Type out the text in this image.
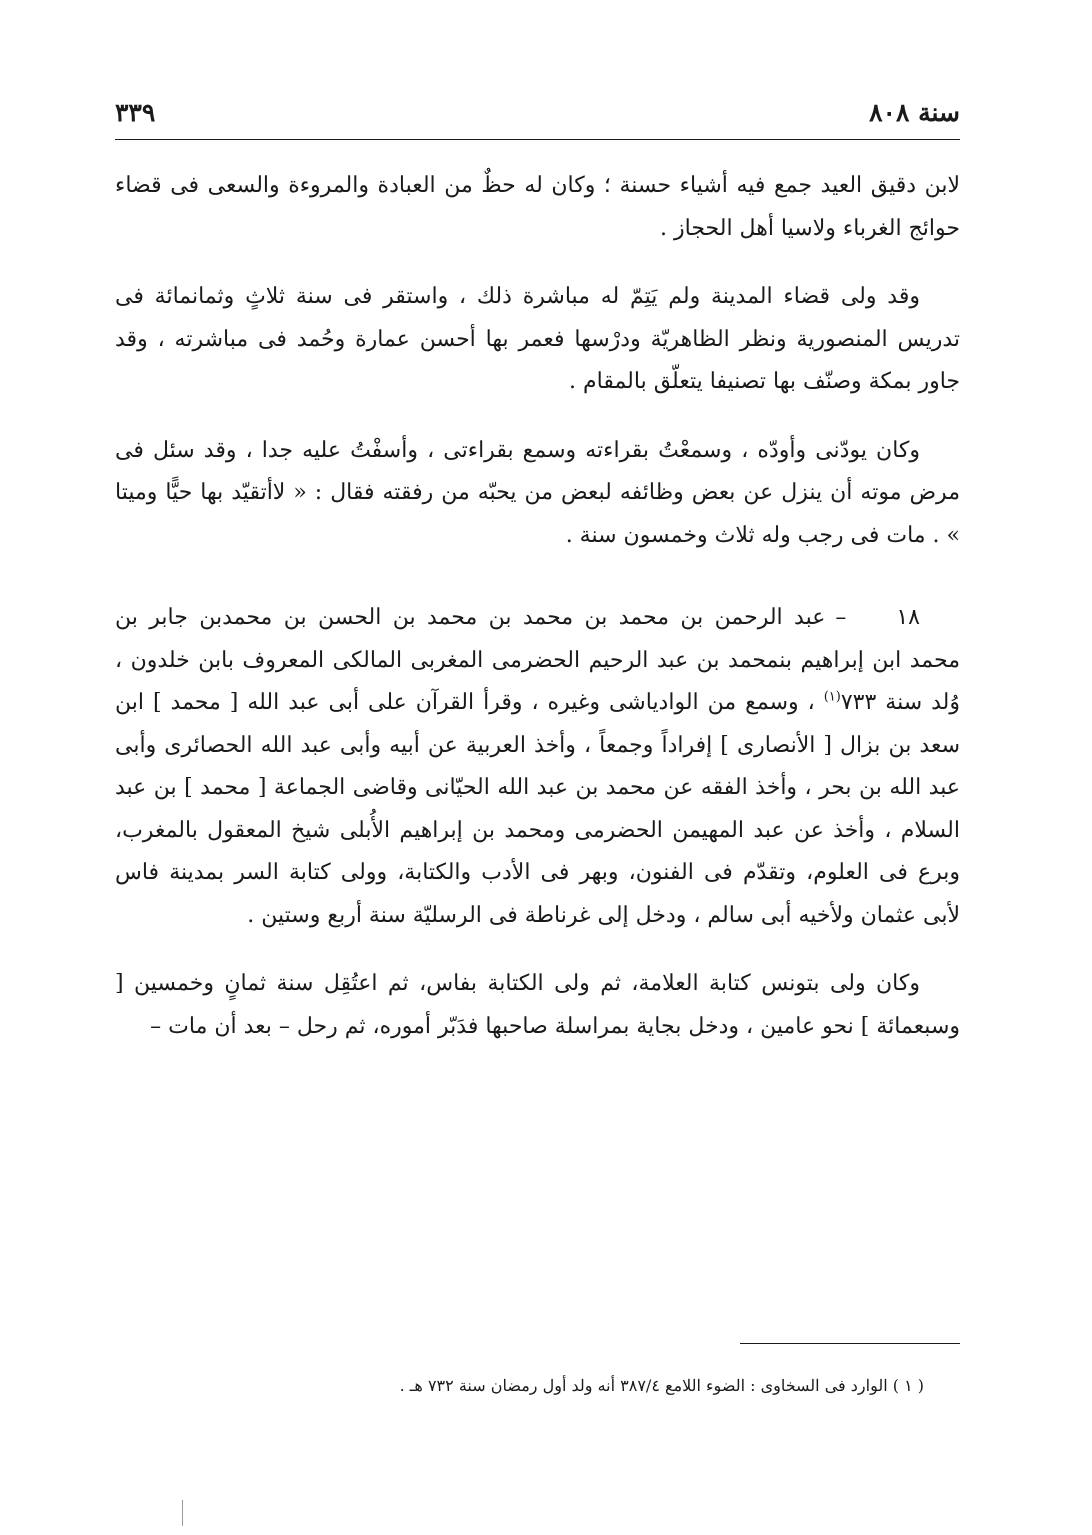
سنة ٨٠٨
٣٣٩

لابن دقيق العيد جمع فيه أشياء حسنة ؛ وكان له حظٌ من العبادة والمروءة والسعى فى قضاء حوائج الغرباء ولاسيا أهل الحجاز .

وقد ولى قضاء المدينة ولم يَتِمّ له مباشرة ذلك ، واستقر فى سنة ثلاثٍ وثمانمائة فى تدريس المنصورية ونظر الظاهريّة ودرْسها فعمر بها أحسن عمارة وحُمد فى مباشرته ، وقد جاور بمكة وصنّف بها تصنيفا يتعلّق بالمقام .

وكان يودّنى وأودّه ، وسمعْتُ بقراءته وسمع بقراءتى ، وأسفْتُ عليه جدا ، وقد سئل فى مرض موته أن ينزل عن بعض وظائفه لبعض من يحبّه من رفقته فقال : « لاأتقيّد بها حيًّا وميتا » . مات فى رجب وله ثلاث وخمسون سنة .

١٨–عبد الرحمن بن محمد بن محمد بن محمد بن الحسن بن محمدبن جابر بن محمد ابن إبراهيم بنمحمد بن عبد الرحيم الحضرمى المغربى المالكى المعروف بابن خلدون ، وُلد سنة ٧٣٣$^{(١)}$ ، وسمع من الوادياشى وغيره ، وقرأ القرآن على أبى عبد الله [ محمد ] ابن سعد بن بزال [ الأنصارى ] إفراداً وجمعاً ، وأخذ العربية عن أبيه وأبى عبد الله الحصائرى وأبى عبد الله بن بحر ، وأخذ الفقه عن محمد بن عبد الله الحيّانى وقاضى الجماعة [ محمد ] بن عبد السلام ، وأخذ عن عبد المهيمن الحضرمى ومحمد بن إبراهيم الأُبلى شيخ المعقول بالمغرب، وبرع فى العلوم، وتقدّم فى الفنون، وبهر فى الأدب والكتابة، وولى كتابة السر بمدينة فاس لأبى عثمان ولأخيه أبى سالم ، ودخل إلى غرناطة فى الرسليّة سنة أربع وستين .

وكان ولى بتونس كتابة العلامة، ثم ولى الكتابة بفاس، ثم اعتُقِل سنة ثمانٍ وخمسين [ وسبعمائة ] نحو عامين ، ودخل بجاية بمراسلة صاحبها فدَبّر أموره، ثم رحل – بعد أن مات –

( ١ ) الوارد فى السخاوى : الضوء اللامع ٣٨٧/٤ أنه ولد أول رمضان سنة ٧٣٢ هـ .
